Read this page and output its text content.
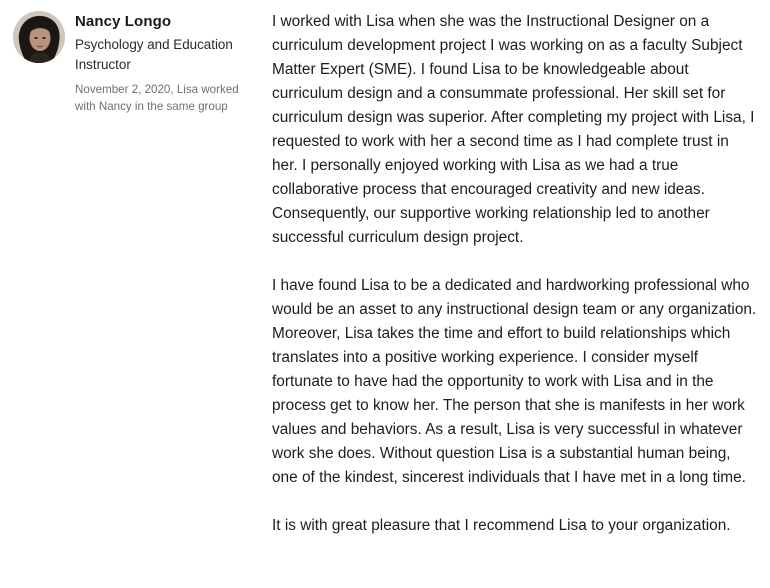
Nancy Longo
Psychology and Education Instructor
November 2, 2020, Lisa worked with Nancy in the same group

I worked with Lisa when she was the Instructional Designer on a curriculum development project I was working on as a faculty Subject Matter Expert (SME). I found Lisa to be knowledgeable about curriculum design and a consummate professional. Her skill set for curriculum design was superior. After completing my project with Lisa, I requested to work with her a second time as I had complete trust in her. I personally enjoyed working with Lisa as we had a true collaborative process that encouraged creativity and new ideas. Consequently, our supportive working relationship led to another successful curriculum design project.

I have found Lisa to be a dedicated and hardworking professional who would be an asset to any instructional design team or any organization. Moreover, Lisa takes the time and effort to build relationships which translates into a positive working experience. I consider myself fortunate to have had the opportunity to work with Lisa and in the process get to know her. The person that she is manifests in her work values and behaviors. As a result, Lisa is very successful in whatever work she does. Without question Lisa is a substantial human being, one of the kindest, sincerest individuals that I have met in a long time.

It is with great pleasure that I recommend Lisa to your organization.
